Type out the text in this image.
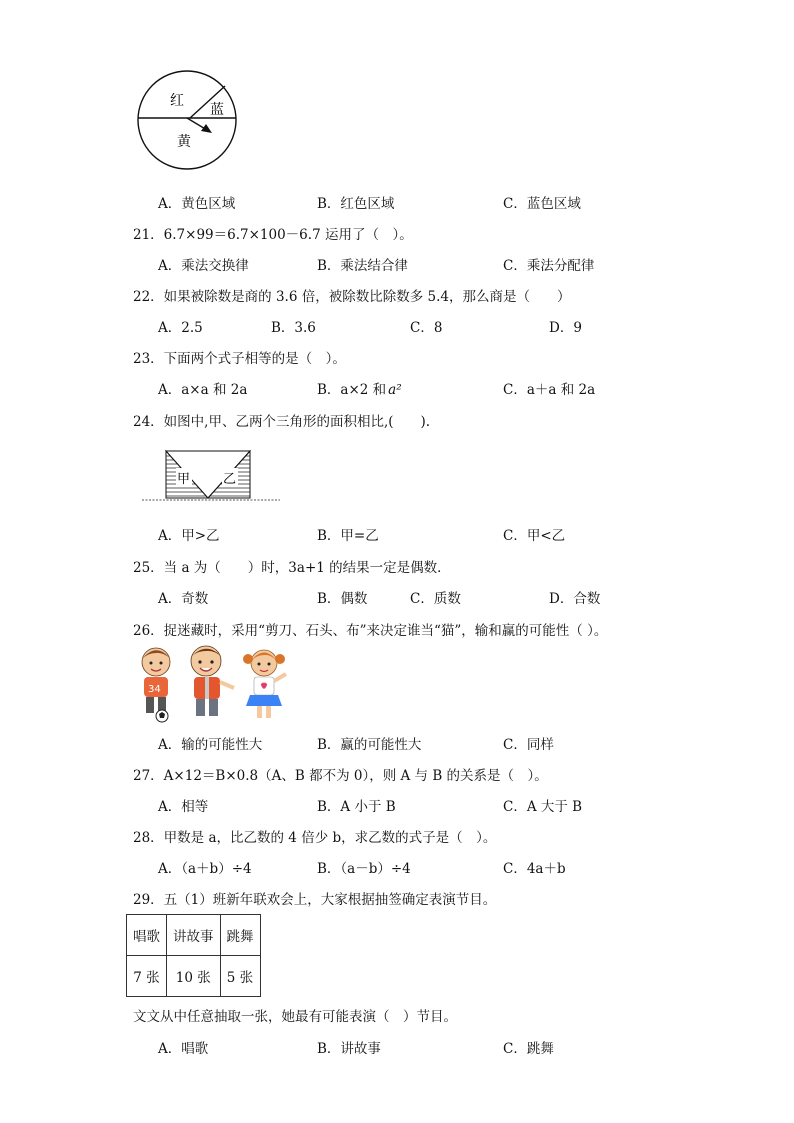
红
蓝
黄
A．黄色区域	B．红色区域	C．蓝色区域
21．6.7×99＝6.7×100－6.7 运用了（　）。
A．乘法交换律	B．乘法结合律	C．乘法分配律
22．如果被除数是商的 3.6 倍，被除数比除数多 5.4，那么商是（　　）
A．2.5	B．3.6	C．8	D．9
23．下面两个式子相等的是（　）。
A．a×a 和 2a	B．a×2 和 a²	C．a＋a 和 2a
24．如图中,甲、乙两个三角形的面积相比,(　　).
甲	乙
A．甲>乙	B．甲=乙	C．甲<乙
25．当 a 为（　　）时，3a+1 的结果一定是偶数．
A．奇数	B．偶数	C．质数	D．合数
26．捉迷藏时，采用“剪刀、石头、布”来决定谁当“猫”，输和赢的可能性（ ）。
34
A．输的可能性大	B．赢的可能性大	C．同样
27．A×12＝B×0.8（A、B 都不为 0），则 A 与 B 的关系是（　）。
A．相等	B．A 小于 B	C．A 大于 B
28．甲数是 a，比乙数的 4 倍少 b，求乙数的式子是（　）。
A．（a＋b）÷4	B．（a－b）÷4	C．4a＋b
29．五（1）班新年联欢会上，大家根据抽签确定表演节目。
唱歌	讲故事	跳舞
7 张	10 张	5 张
文文从中任意抽取一张，她最有可能表演（　）节目。
A．唱歌	B．讲故事	C．跳舞
